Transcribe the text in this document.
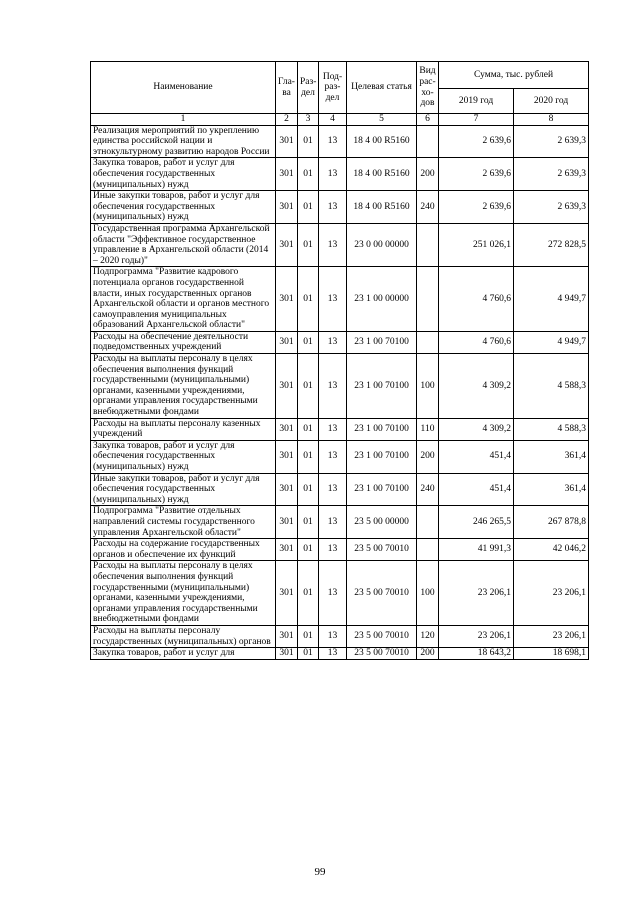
Наименование	Гла-ва	Раз-дел	Под-раз-дел	Целевая статья	Вид рас-хо-дов	Сумма, тыс. рублей	
						2019 год	2020 год
1	2	3	4	5	6	7	8
Реализация мероприятий по укреплению единства российской нации и этнокультурному развитию народов России	301	01	13	18 4 00 R5160		2 639,6	2 639,3
Закупка товаров, работ и услуг для обеспечения государственных (муниципальных) нужд	301	01	13	18 4 00 R5160	200	2 639,6	2 639,3
Иные закупки товаров, работ и услуг для обеспечения государственных (муниципальных) нужд	301	01	13	18 4 00 R5160	240	2 639,6	2 639,3
Государственная программа Архангельской области "Эффективное государственное управление в Архангельской области (2014 – 2020 годы)"	301	01	13	23 0 00 00000		251 026,1	272 828,5
Подпрограмма "Развитие кадрового потенциала органов государственной власти, иных государственных органов Архангельской области и органов местного самоуправления муниципальных образований Архангельской области"	301	01	13	23 1 00 00000		4 760,6	4 949,7
Расходы на обеспечение деятельности подведомственных учреждений	301	01	13	23 1 00 70100		4 760,6	4 949,7
Расходы на выплаты персоналу в целях обеспечения выполнения функций государственными (муниципальными) органами, казенными учреждениями, органами управления государственными внебюджетными фондами	301	01	13	23 1 00 70100	100	4 309,2	4 588,3
Расходы на выплаты персоналу казенных учреждений	301	01	13	23 1 00 70100	110	4 309,2	4 588,3
Закупка товаров, работ и услуг для обеспечения государственных (муниципальных) нужд	301	01	13	23 1 00 70100	200	451,4	361,4
Иные закупки товаров, работ и услуг для обеспечения государственных (муниципальных) нужд	301	01	13	23 1 00 70100	240	451,4	361,4
Подпрограмма "Развитие отдельных направлений системы государственного управления Архангельской области"	301	01	13	23 5 00 00000		246 265,5	267 878,8
Расходы на содержание государственных органов и обеспечение их функций	301	01	13	23 5 00 70010		41 991,3	42 046,2
Расходы на выплаты персоналу в целях обеспечения выполнения функций государственными (муниципальными) органами, казенными учреждениями, органами управления государственными внебюджетными фондами	301	01	13	23 5 00 70010	100	23 206,1	23 206,1
Расходы на выплаты персоналу государственных (муниципальных) органов	301	01	13	23 5 00 70010	120	23 206,1	23 206,1
Закупка товаров, работ и услуг для	301	01	13	23 5 00 70010	200	18 643,2	18 698,1
99
